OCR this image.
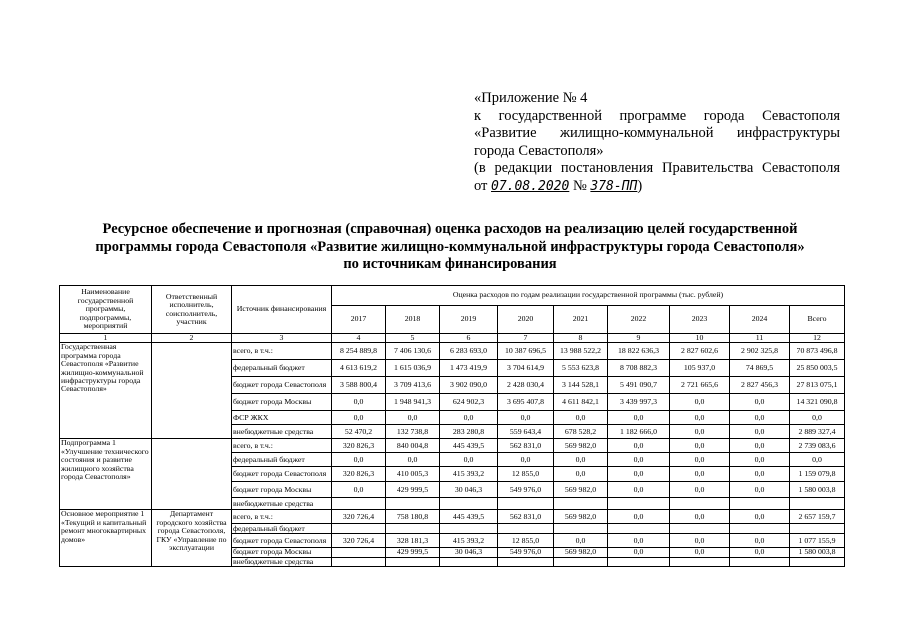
«Приложение № 4
к государственной программе города Севастополя
«Развитие жилищно-коммунальной инфраструктуры
города Севастополя»
(в редакции постановления Правительства Севастополя
от 07.08.2020 № 378-ПП)
Ресурсное обеспечение и прогнозная (справочная) оценка расходов на реализацию целей государственной
программы города Севастополя «Развитие жилищно-коммунальной инфраструктуры города Севастополя»
по источникам финансирования
Наименование государственной программы, подпрограммы, мероприятий	Ответственный исполнитель, соисполнитель, участник	Источник финансирования	Оценка расходов по годам реализации государственной программы (тыс. рублей)								
			2017	2018	2019	2020	2021	2022	2023	2024	Всего
1	2	3	4	5	6	7	8	9	10	11	12
Государственная программа города Севастополя «Развитие жилищно-коммунальной инфраструктуры города Севастополя»		всего, в т.ч.:	8 254 889,8	7 406 130,6	6 283 693,0	10 387 696,5	13 988 522,2	18 822 636,3	2 827 602,6	2 902 325,8	70 873 496,8
		федеральный бюджет	4 613 619,2	1 615 036,9	1 473 419,9	3 704 614,9	5 553 623,8	8 708 882,3	105 937,0	74 869,5	25 850 003,5
		бюджет города Севастополя	3 588 800,4	3 709 413,6	3 902 090,0	2 428 030,4	3 144 528,1	5 491 090,7	2 721 665,6	2 827 456,3	27 813 075,1
		бюджет города Москвы	0,0	1 948 941,3	624 902,3	3 695 407,8	4 611 842,1	3 439 997,3	0,0	0,0	14 321 090,8
		ФСР ЖКХ	0,0	0,0	0,0	0,0	0,0	0,0	0,0	0,0	0,0
		внебюджетные средства	52 470,2	132 738,8	283 280,8	559 643,4	678 528,2	1 182 666,0	0,0	0,0	2 889 327,4
Подпрограмма 1 «Улучшение технического состояния и развитие жилищного хозяйства города Севастополя»		всего, в т.ч.:	320 826,3	840 004,8	445 439,5	562 831,0	569 982,0	0,0	0,0	0,0	2 739 083,6
		федеральный бюджет	0,0	0,0	0,0	0,0	0,0	0,0	0,0	0,0	0,0
		бюджет города Севастополя	320 826,3	410 005,3	415 393,2	12 855,0	0,0	0,0	0,0	0,0	1 159 079,8
		бюджет города Москвы	0,0	429 999,5	30 046,3	549 976,0	569 982,0	0,0	0,0	0,0	1 580 003,8
		внебюджетные средства									
Основное мероприятие 1 «Текущий и капитальный ремонт многоквартирных домов»	Департамент городского хозяйства города Севастополя, ГКУ «Управление по эксплуатации	всего, в т.ч.:	320 726,4	758 180,8	445 439,5	562 831,0	569 982,0	0,0	0,0	0,0	2 657 159,7
		федеральный бюджет									
		бюджет города Севастополя	320 726,4	328 181,3	415 393,2	12 855,0	0,0	0,0	0,0	0,0	1 077 155,9
		бюджет города Москвы		429 999,5	30 046,3	549 976,0	569 982,0	0,0	0,0	0,0	1 580 003,8
		внебюджетные средства									
